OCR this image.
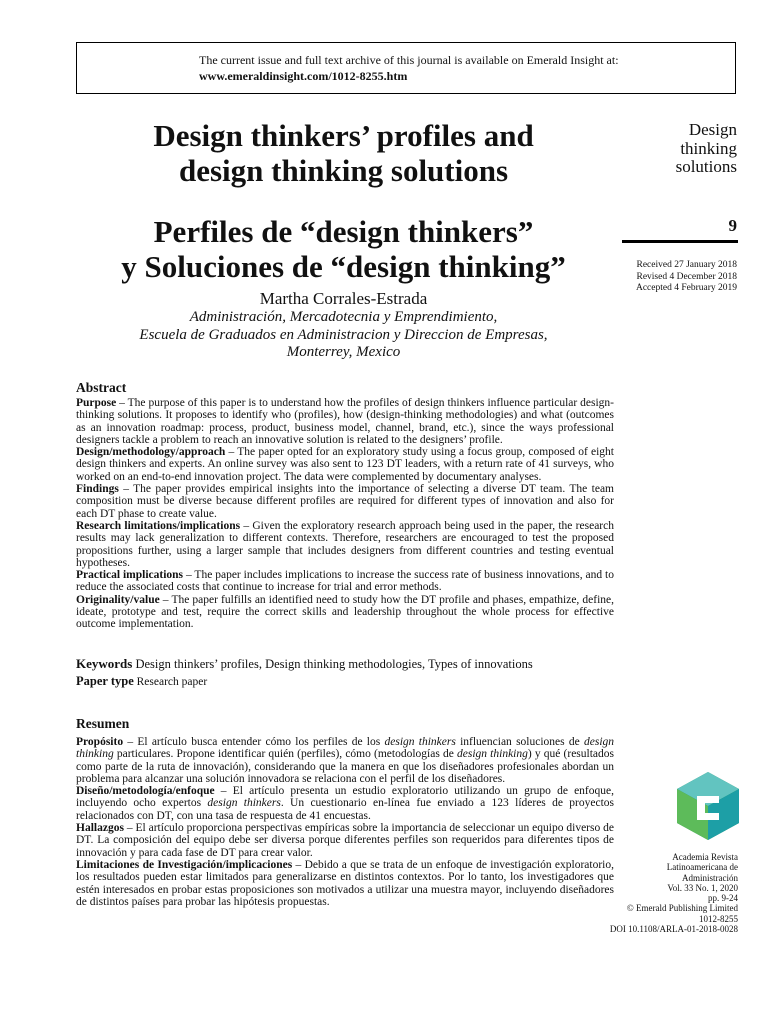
The current issue and full text archive of this journal is available on Emerald Insight at:
www.emeraldinsight.com/1012-8255.htm
Design thinkers’ profiles and
design thinking solutions
Perfiles de “design thinkers”
y Soluciones de “design thinking”
Martha Corrales-Estrada
Administración, Mercadotecnia y Emprendimiento,
Escuela de Graduados en Administracion y Direccion de Empresas,
Monterrey, Mexico
Design
thinking
solutions
9
Received 27 January 2018
Revised 4 December 2018
Accepted 4 February 2019
Abstract

Purpose – The purpose of this paper is to understand how the profiles of design thinkers influence particular design-thinking solutions. It proposes to identify who (profiles), how (design-thinking methodologies) and what (outcomes as an innovation roadmap: process, product, business model, channel, brand, etc.), since the ways professional designers tackle a problem to reach an innovative solution is related to the designers’ profile.

Design/methodology/approach – The paper opted for an exploratory study using a focus group, composed of eight design thinkers and experts. An online survey was also sent to 123 DT leaders, with a return rate of 41 surveys, who worked on an end-to-end innovation project. The data were complemented by documentary analyses.

Findings – The paper provides empirical insights into the importance of selecting a diverse DT team. The team composition must be diverse because different profiles are required for different types of innovation and also for each DT phase to create value.

Research limitations/implications – Given the exploratory research approach being used in the paper, the research results may lack generalization to different contexts. Therefore, researchers are encouraged to test the proposed propositions further, using a larger sample that includes designers from different countries and testing eventual hypotheses.

Practical implications – The paper includes implications to increase the success rate of business innovations, and to reduce the associated costs that continue to increase for trial and error methods.

Originality/value – The paper fulfills an identified need to study how the DT profile and phases, empathize, define, ideate, prototype and test, require the correct skills and leadership throughout the whole process for effective outcome implementation.

Keywords Design thinkers’ profiles, Design thinking methodologies, Types of innovations
Paper type Research paper
Resumen

Propósito – El artículo busca entender cómo los perfiles de los design thinkers influencian soluciones de design thinking particulares. Propone identificar quién (perfiles), cómo (metodologías de design thinking) y qué (resultados como parte de la ruta de innovación), considerando que la manera en que los diseñadores profesionales abordan un problema para alcanzar una solución innovadora se relaciona con el perfil de los diseñadores.

Diseño/metodología/enfoque – El artículo presenta un estudio exploratorio utilizando un grupo de enfoque, incluyendo ocho expertos design thinkers. Un cuestionario en-línea fue enviado a 123 líderes de proyectos relacionados con DT, con una tasa de respuesta de 41 encuestas.

Hallazgos – El artículo proporciona perspectivas empíricas sobre la importancia de seleccionar un equipo diverso de DT. La composición del equipo debe ser diversa porque diferentes perfiles son requeridos para diferentes tipos de innovación y para cada fase de DT para crear valor.

Limitaciones de Investigación/implicaciones – Debido a que se trata de un enfoque de investigación exploratorio, los resultados pueden estar limitados para generalizarse en distintos contextos. Por lo tanto, los investigadores que estén interesados en probar estas proposiciones son motivados a utilizar una muestra mayor, incluyendo diseñadores de distintos países para probar las hipótesis propuestas.

Academia Revista
Latinoamericana de
Administración
Vol. 33 No. 1, 2020
pp. 9-24
© Emerald Publishing Limited
1012-8255
DOI 10.1108/ARLA-01-2018-0028
